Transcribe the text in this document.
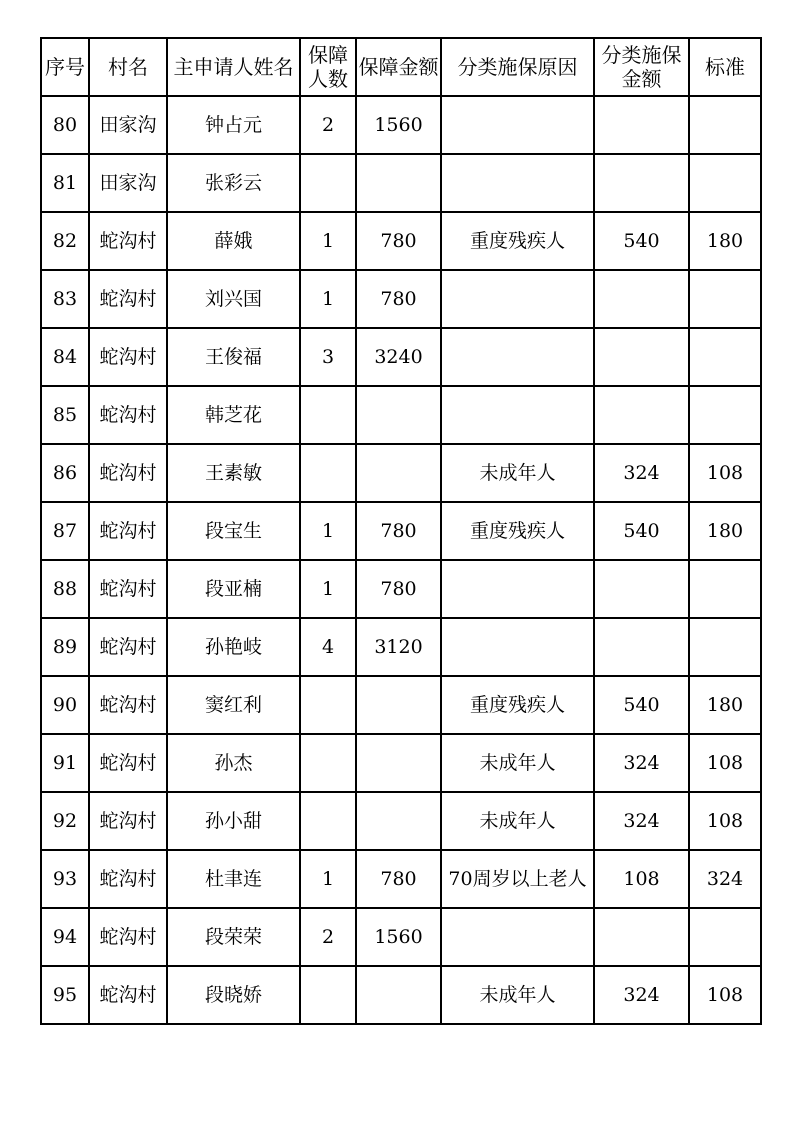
序号	村名	主申请人姓名	保障人数	保障金额	分类施保原因	分类施保金额	标准
80	田家沟	钟占元	2	1560			
81	田家沟	张彩云					
82	蛇沟村	薛娥	1	780	重度残疾人	540	180
83	蛇沟村	刘兴国	1	780			
84	蛇沟村	王俊福	3	3240			
85	蛇沟村	韩芝花					
86	蛇沟村	王素敏			未成年人	324	108
87	蛇沟村	段宝生	1	780	重度残疾人	540	180
88	蛇沟村	段亚楠	1	780			
89	蛇沟村	孙艳岐	4	3120			
90	蛇沟村	窦红利			重度残疾人	540	180
91	蛇沟村	孙杰			未成年人	324	108
92	蛇沟村	孙小甜			未成年人	324	108
93	蛇沟村	杜聿连	1	780	70周岁以上老人	108	324
94	蛇沟村	段荣荣	2	1560			
95	蛇沟村	段晓娇			未成年人	324	108
